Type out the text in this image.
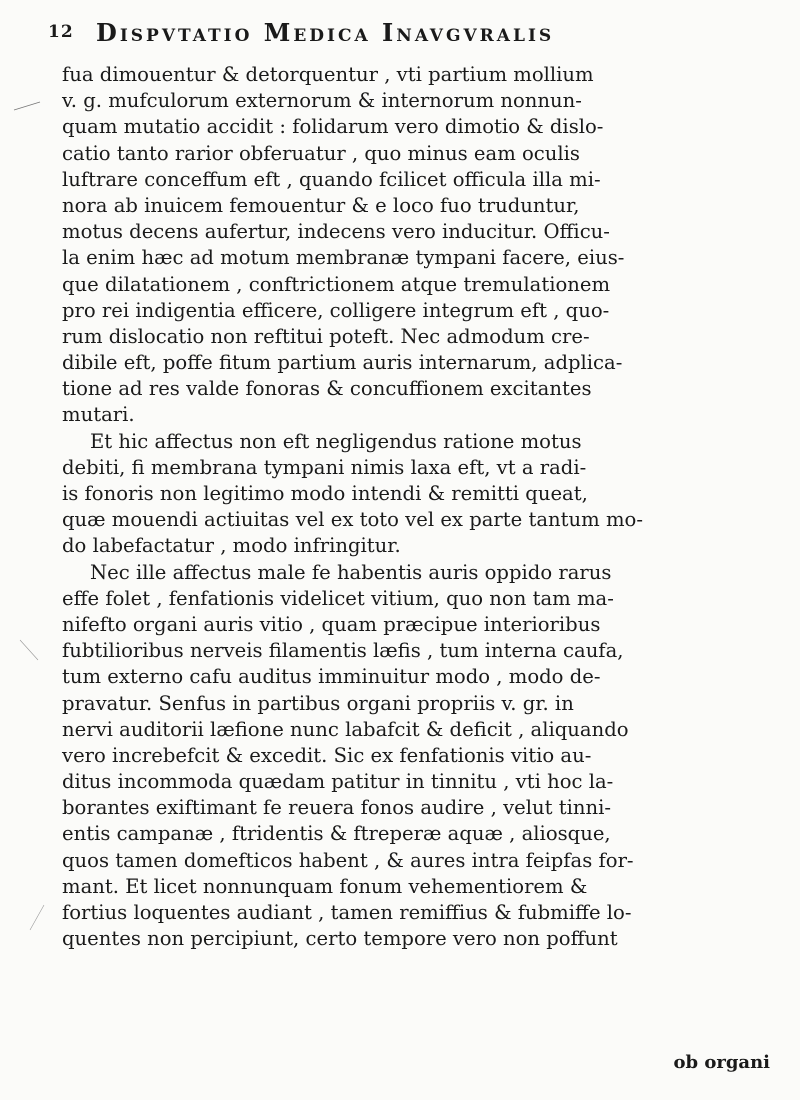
12 Dispvtatio Medica Inavgvralis
fua dimouentur & detorquentur , vti partium mollium
v. g. mufculorum externorum & internorum nonnun-
quam mutatio accidit : folidarum vero dimotio & dislo-
catio tanto rarior obferuatur , quo minus eam oculis
luftrare conceffum eft , quando fcilicet officula illa mi-
nora ab inuicem femouentur & e loco fuo truduntur,
motus decens aufertur, indecens vero inducitur. Officu-
la enim hæc ad motum membranæ tympani facere, eius-
que dilatationem , conftrictionem atque tremulationem
pro rei indigentia efficere, colligere integrum eft , quo-
rum dislocatio non reftitui poteft. Nec admodum cre-
dibile eft, poffe fitum partium auris internarum, adplica-
tione ad res valde fonoras & concuffionem excitantes
mutari.
Et hic affectus non eft negligendus ratione motus
debiti, fi membrana tympani nimis laxa eft, vt a radi-
is fonoris non legitimo modo intendi & remitti queat,
quæ mouendi actiuitas vel ex toto vel ex parte tantum mo-
do labefactatur , modo infringitur.
Nec ille affectus male fe habentis auris oppido rarus
effe folet , fenfationis videlicet vitium, quo non tam ma-
nifefto organi auris vitio , quam præcipue interioribus
fubtilioribus nerveis filamentis læfis , tum interna caufa,
tum externo cafu auditus imminuitur modo , modo de-
pravatur. Senfus in partibus organi propriis v. gr. in
nervi auditorii læfione nunc labafcit & deficit , aliquando
vero increbefcit & excedit. Sic ex fenfationis vitio au-
ditus incommoda quædam patitur in tinnitu , vti hoc la-
borantes exiftimant fe reuera fonos audire , velut tinni-
entis campanæ , ftridentis & ftreperæ aquæ , aliosque,
quos tamen domefticos habent , & aures intra feipfas for-
mant. Et licet nonnunquam fonum vehementiorem &
fortius loquentes audiant , tamen remiffius & fubmiffe lo-
quentes non percipiunt, certo tempore vero non poffunt
ob organi
